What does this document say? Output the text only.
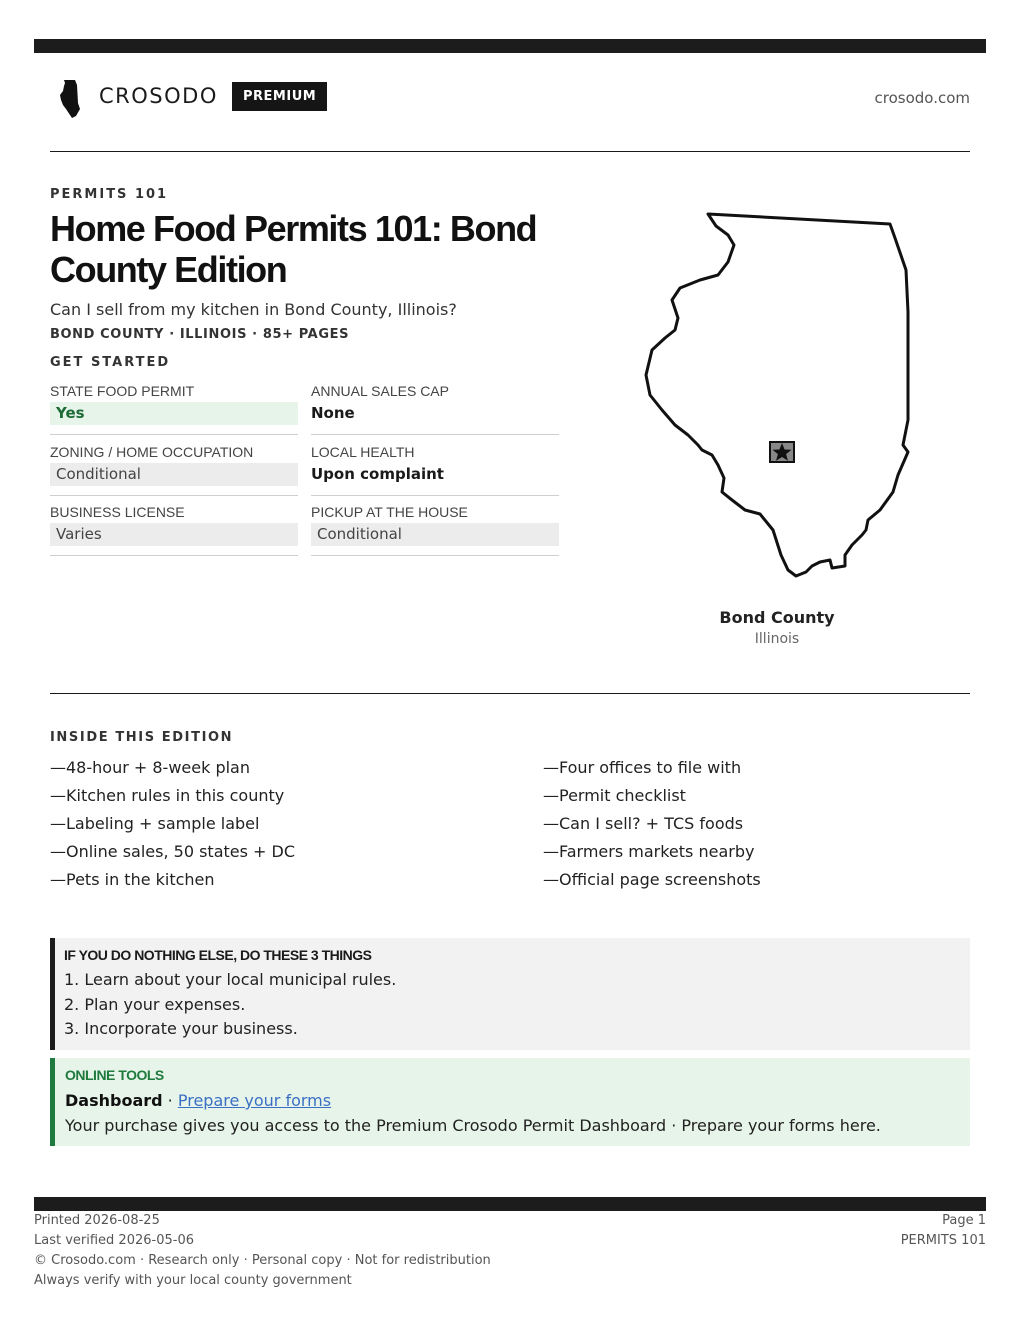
CROSODO	PREMIUM	crosodo.com
PERMITS 101
Home Food Permits 101: Bond County Edition
Can I sell from my kitchen in Bond County, Illinois?
BOND COUNTY · ILLINOIS · 85+ PAGES
GET STARTED
STATE FOOD PERMIT
Yes
ANNUAL SALES CAP
None
ZONING / HOME OCCUPATION
Conditional
LOCAL HEALTH
Upon complaint
BUSINESS LICENSE
Varies
PICKUP AT THE HOUSE
Conditional
Bond County
Illinois
INSIDE THIS EDITION
—48-hour + 8-week plan
—Kitchen rules in this county
—Labeling + sample label
—Online sales, 50 states + DC
—Pets in the kitchen
—Four offices to file with
—Permit checklist
—Can I sell? + TCS foods
—Farmers markets nearby
—Official page screenshots
IF YOU DO NOTHING ELSE, DO THESE 3 THINGS
1. Learn about your local municipal rules.
2. Plan your expenses.
3. Incorporate your business.
ONLINE TOOLS
Dashboard · Prepare your forms
Your purchase gives you access to the Premium Crosodo Permit Dashboard · Prepare your forms here.
Printed 2026-08-25
Last verified 2026-05-06
© Crosodo.com · Research only · Personal copy · Not for redistribution
Always verify with your local county government
Page 1
PERMITS 101
